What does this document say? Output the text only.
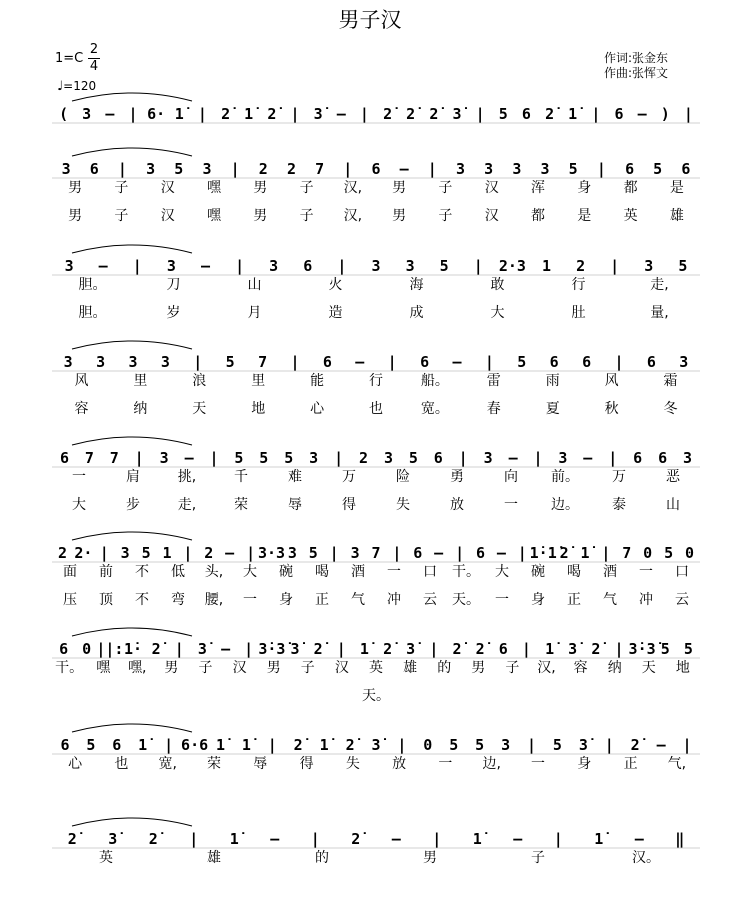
男子汉
1=C
2
4
♩=120
作词:张金东
作曲:张恽文
( 3 – | 6· 1̇ | 2̇ 1̇ 2̇ | 3̇ – | 2̇ 2̇ 2̇ 3̇ | 5 6 2̇ 1̇ | 6 – ) |
3 6 | 3 5 3 | 2 2 7 | 6 – | 3 3 3 3 5 | 6 5 6
男 子 汉 嘿 男 子 汉, 男 子 汉 浑 身 都 是
男 子 汉 嘿 男 子 汉, 男 子 汉 都 是 英 雄
3 – | 3 – | 3 6 | 3 3 5 | 2·3 1 2 | 3 5
胆。	刀	山	火	海	敢	行	走,
胆。	岁	月	造	成	大	肚	量,
3 3 3 3 | 5 7 | 6 – | 6 – | 5 6 6 | 6 3
风	里	浪	里	能	行	船。	雷	雨	风	霜
容	纳	天	地	心	也	宽。	春	夏	秋	冬
6 7 7 | 3 – | 5 5 5 3 | 2 3 5 6 | 3 – | 3 – | 6 6 3
一	肩	挑,	千	难	万	险	勇	向 前。 万	恶
大	步	走,	荣	辱	得	失	放	一 边。 泰	山
2 2· | 3 5 1 | 2 – | 3·3 3 5 | 3 7 | 6 – | 6 – | 1̇·1̇ 2̇ 1̇ | 7 0 5 0
面 前 不 低 头, 大 碗 喝 酒 一 口 干。 大 碗 喝 酒 一 口
压 顶 不 弯 腰, 一 身 正 气 冲 云 天。 一 身 正 气 冲 云
6 0 ||: 1̇· 2̇ | 3̇ – | 3̇·3̇ 3̇ 2̇ | 1̇ 2̇ 3̇ | 2̇ 2̇ 6 | 1̇ 3̇ 2̇ | 3̇·3̇ 5 5
干。 嘿 嘿, 男 子 汉 男 子 汉 英 雄 的 男 子 汉, 容 纳 天 地
天。
6 5 6 1̇	| 6·6 1̇	1̇	| 2̇	1̇	2̇	3̇	| 0 5 5 3 | 5 3̇	| 2̇	– |
心 也 宽, 荣 辱 得 失 放 一 边, 一 身 正 气,
2̇	3̇	2̇	| 1̇	– | 2̇	– | 1̇	– | 1̇	– ‖
英	雄	的	男	子	汉。
